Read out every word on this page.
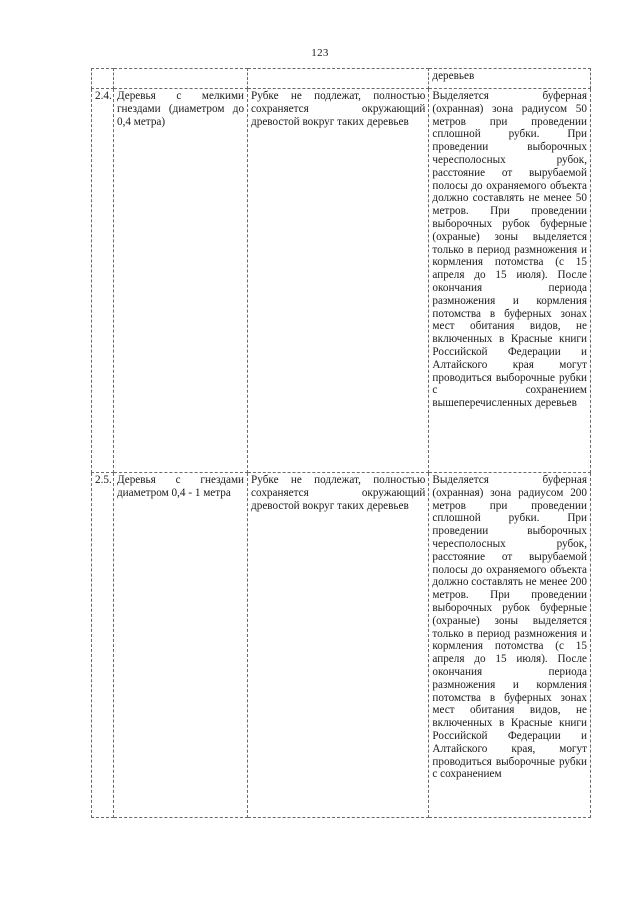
123
			деревьев
2.4.	Деревья с мелкими гнездами (диаметром до 0,4 метра)	Рубке не подлежат, полностью сохраняется окружающий древостой вокруг таких деревьев	Выделяется буферная (охранная) зона радиусом 50 метров при проведении сплошной рубки. При проведении выборочных чересполосных рубок, расстояние от вырубаемой полосы до охраняемого объекта должно составлять не менее 50 метров. При проведении выборочных рубок буферные (охраные) зоны выделяется только в период размножения и кормления потомства (с 15 апреля до 15 июля). После окончания периода размножения и кормления потомства в буферных зонах мест обитания видов, не включенных в Красные книги Российской Федерации и Алтайского края могут проводиться выборочные рубки с сохранением вышеперечисленных деревьев
2.5.	Деревья с гнездами диаметром 0,4 - 1 метра	Рубке не подлежат, полностью сохраняется окружающий древостой вокруг таких деревьев	Выделяется буферная (охранная) зона радиусом 200 метров при проведении сплошной рубки. При проведении выборочных чересполосных рубок, расстояние от вырубаемой полосы до охраняемого объекта должно составлять не менее 200 метров. При проведении выборочных рубок буферные (охраные) зоны выделяется только в период размножения и кормления потомства (с 15 апреля до 15 июля). После окончания периода размножения и кормления потомства в буферных зонах мест обитания видов, не включенных в Красные книги Российской Федерации и Алтайского края, могут проводиться выборочные рубки с сохранением
